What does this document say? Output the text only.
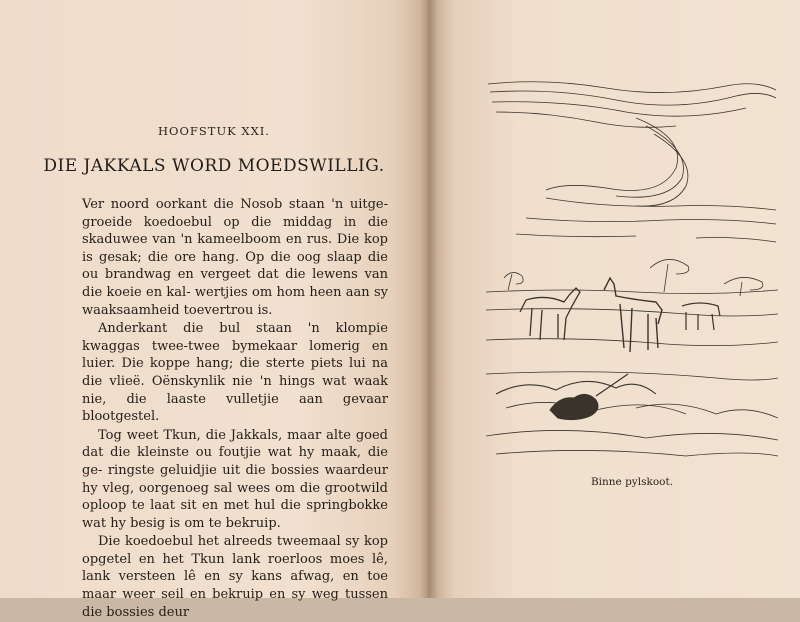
HOOFSTUK XXI.
DIE JAKKALS WORD MOEDSWILLIG.

Ver noord oorkant die Nosob staan 'n uitge- groeide koedoebul op die middag in die skaduwee van 'n kameelboom en rus. Die kop is gesak; die ore hang. Op die oog slaap die ou brandwag en vergeet dat die lewens van die koeie en kal- wertjies om hom heen aan sy waaksaamheid toevertrou is.

Anderkant die bul staan 'n klompie kwaggas twee-twee bymekaar lomerig en luier. Die koppe hang; die sterte piets lui na die vlieë. Oënskynlik nie 'n hings wat waak nie, die laaste vulletjie aan gevaar blootgestel.

Tog weet Tkun, die Jakkals, maar alte goed dat die kleinste ou foutjie wat hy maak, die ge- ringste geluidjie uit die bossies waardeur hy vleg, oorgenoeg sal wees om die grootwild oploop te laat sit en met hul die springbokke wat hy besig is om te bekruip.

Die koedoebul het alreeds tweemaal sy kop opgetel en het Tkun lank roerloos moes lê, lank versteen lê en sy kans afwag, en toe maar weer seil en bekruip en sy weg tussen die bossies deur

Binne pylskoot.
